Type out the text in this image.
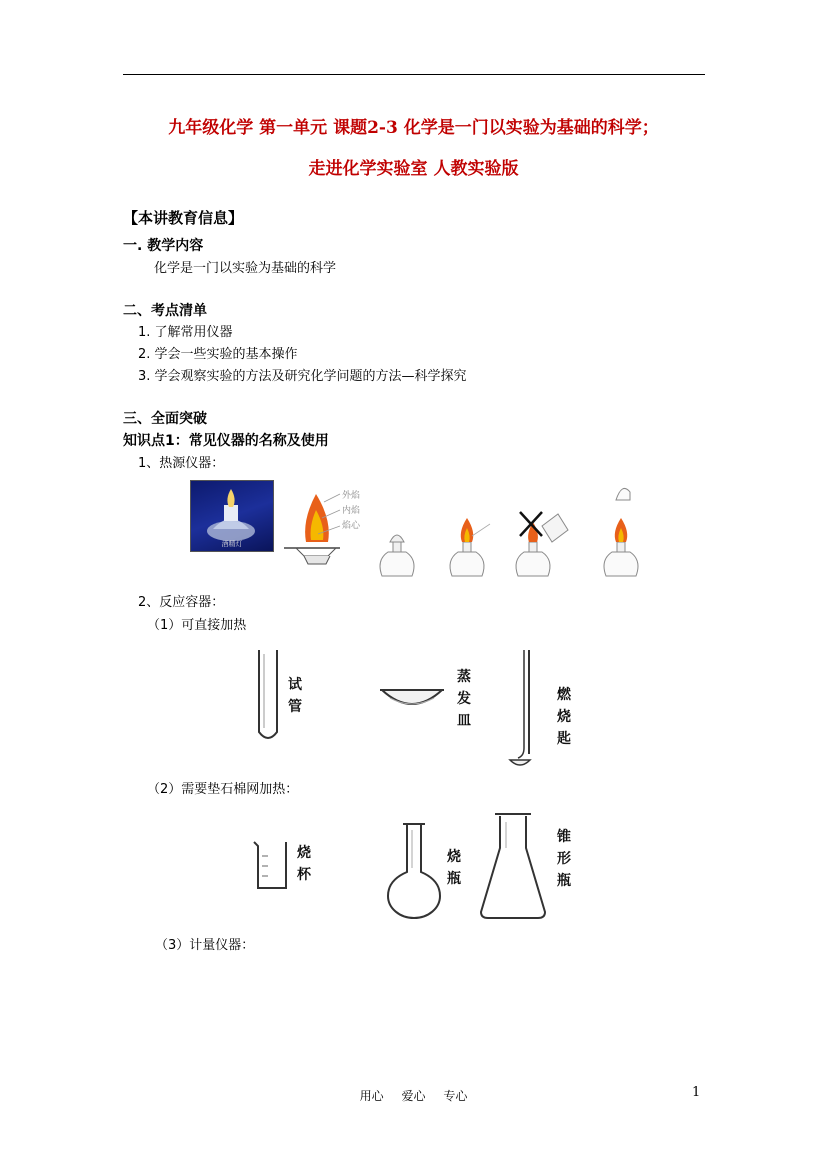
九年级化学 第一单元 课题2-3 化学是一门以实验为基础的科学；
走进化学实验室 人教实验版
【本讲教育信息】
一. 教学内容
化学是一门以实验为基础的科学
二、考点清单
1. 了解常用仪器
2. 学会一些实验的基本操作
3. 学会观察实验的方法及研究化学问题的方法—科学探究
三、全面突破
知识点1：常见仪器的名称及使用
1、热源仪器：
酒精灯
外焰
内焰
焰心
2、反应容器：
（1）可直接加热
试管
蒸发皿
燃烧匙
（2）需要垫石棉网加热：
烧杯
烧瓶
锥形瓶
（3）计量仪器：
用心 爱心 专心	1
